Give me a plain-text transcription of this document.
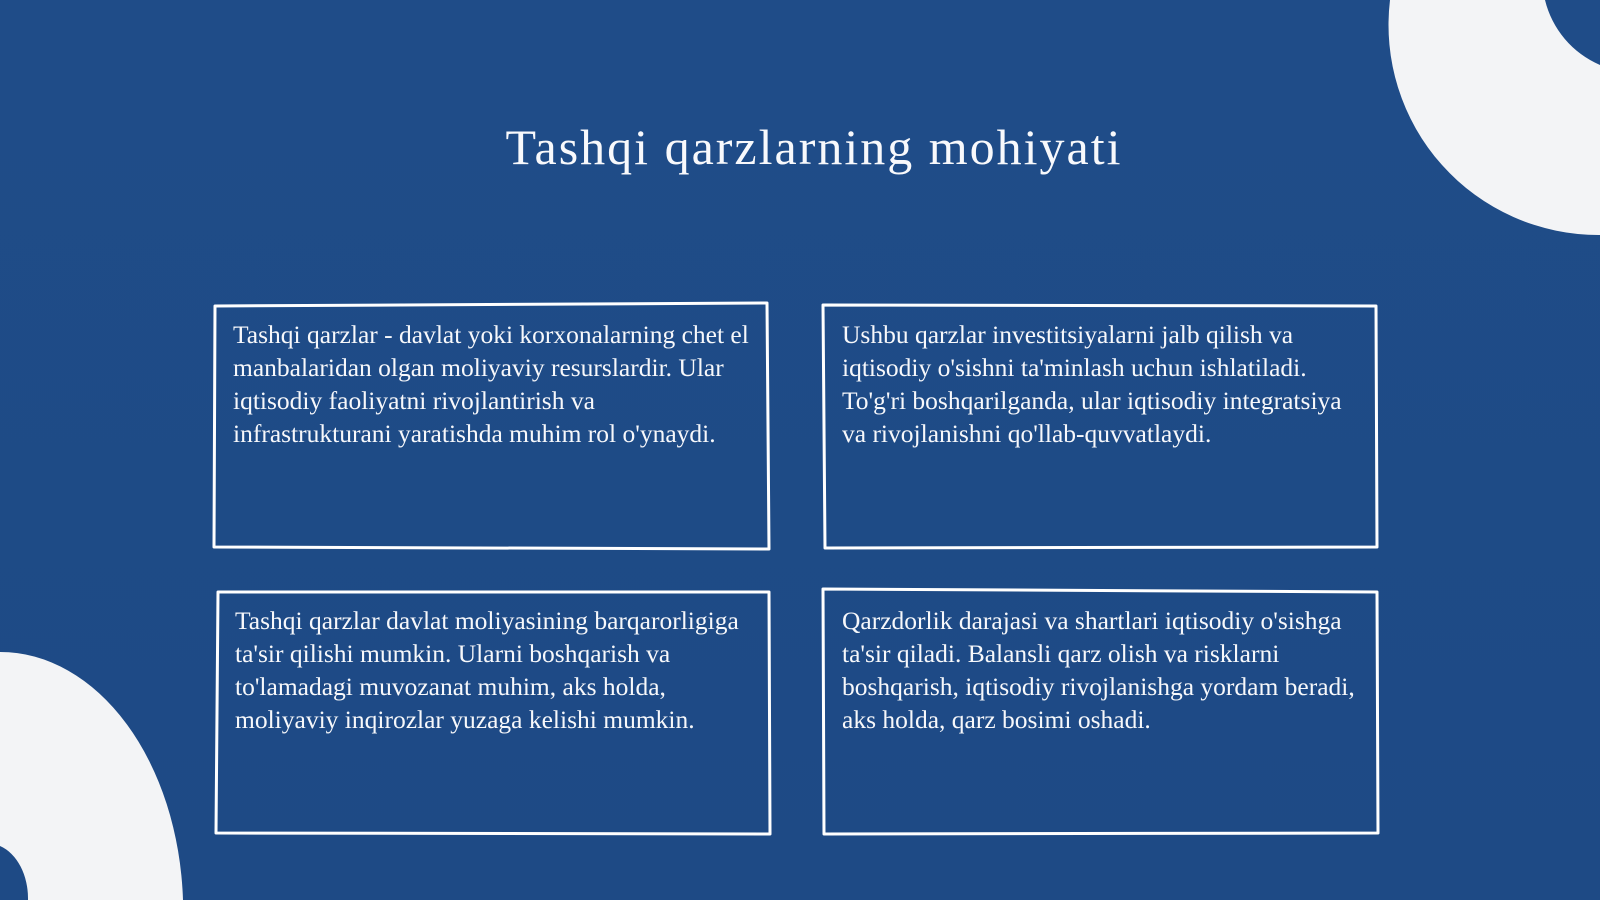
Tashqi qarzlarning mohiyati
Tashqi qarzlar - davlat yoki korxonalarning chet el manbalaridan olgan moliyaviy resurslardir. Ular iqtisodiy faoliyatni rivojlantirish va infrastrukturani yaratishda muhim rol o'ynaydi.
Ushbu qarzlar investitsiyalarni jalb qilish va iqtisodiy o'sishni ta'minlash uchun ishlatiladi. To'g'ri boshqarilganda, ular iqtisodiy integratsiya va rivojlanishni qo'llab-quvvatlaydi.
Tashqi qarzlar davlat moliyasining barqarorligiga ta'sir qilishi mumkin. Ularni boshqarish va to'lamadagi muvozanat muhim, aks holda, moliyaviy inqirozlar yuzaga kelishi mumkin.
Qarzdorlik darajasi va shartlari iqtisodiy o'sishga ta'sir qiladi. Balansli qarz olish va risklarni boshqarish, iqtisodiy rivojlanishga yordam beradi, aks holda, qarz bosimi oshadi.
